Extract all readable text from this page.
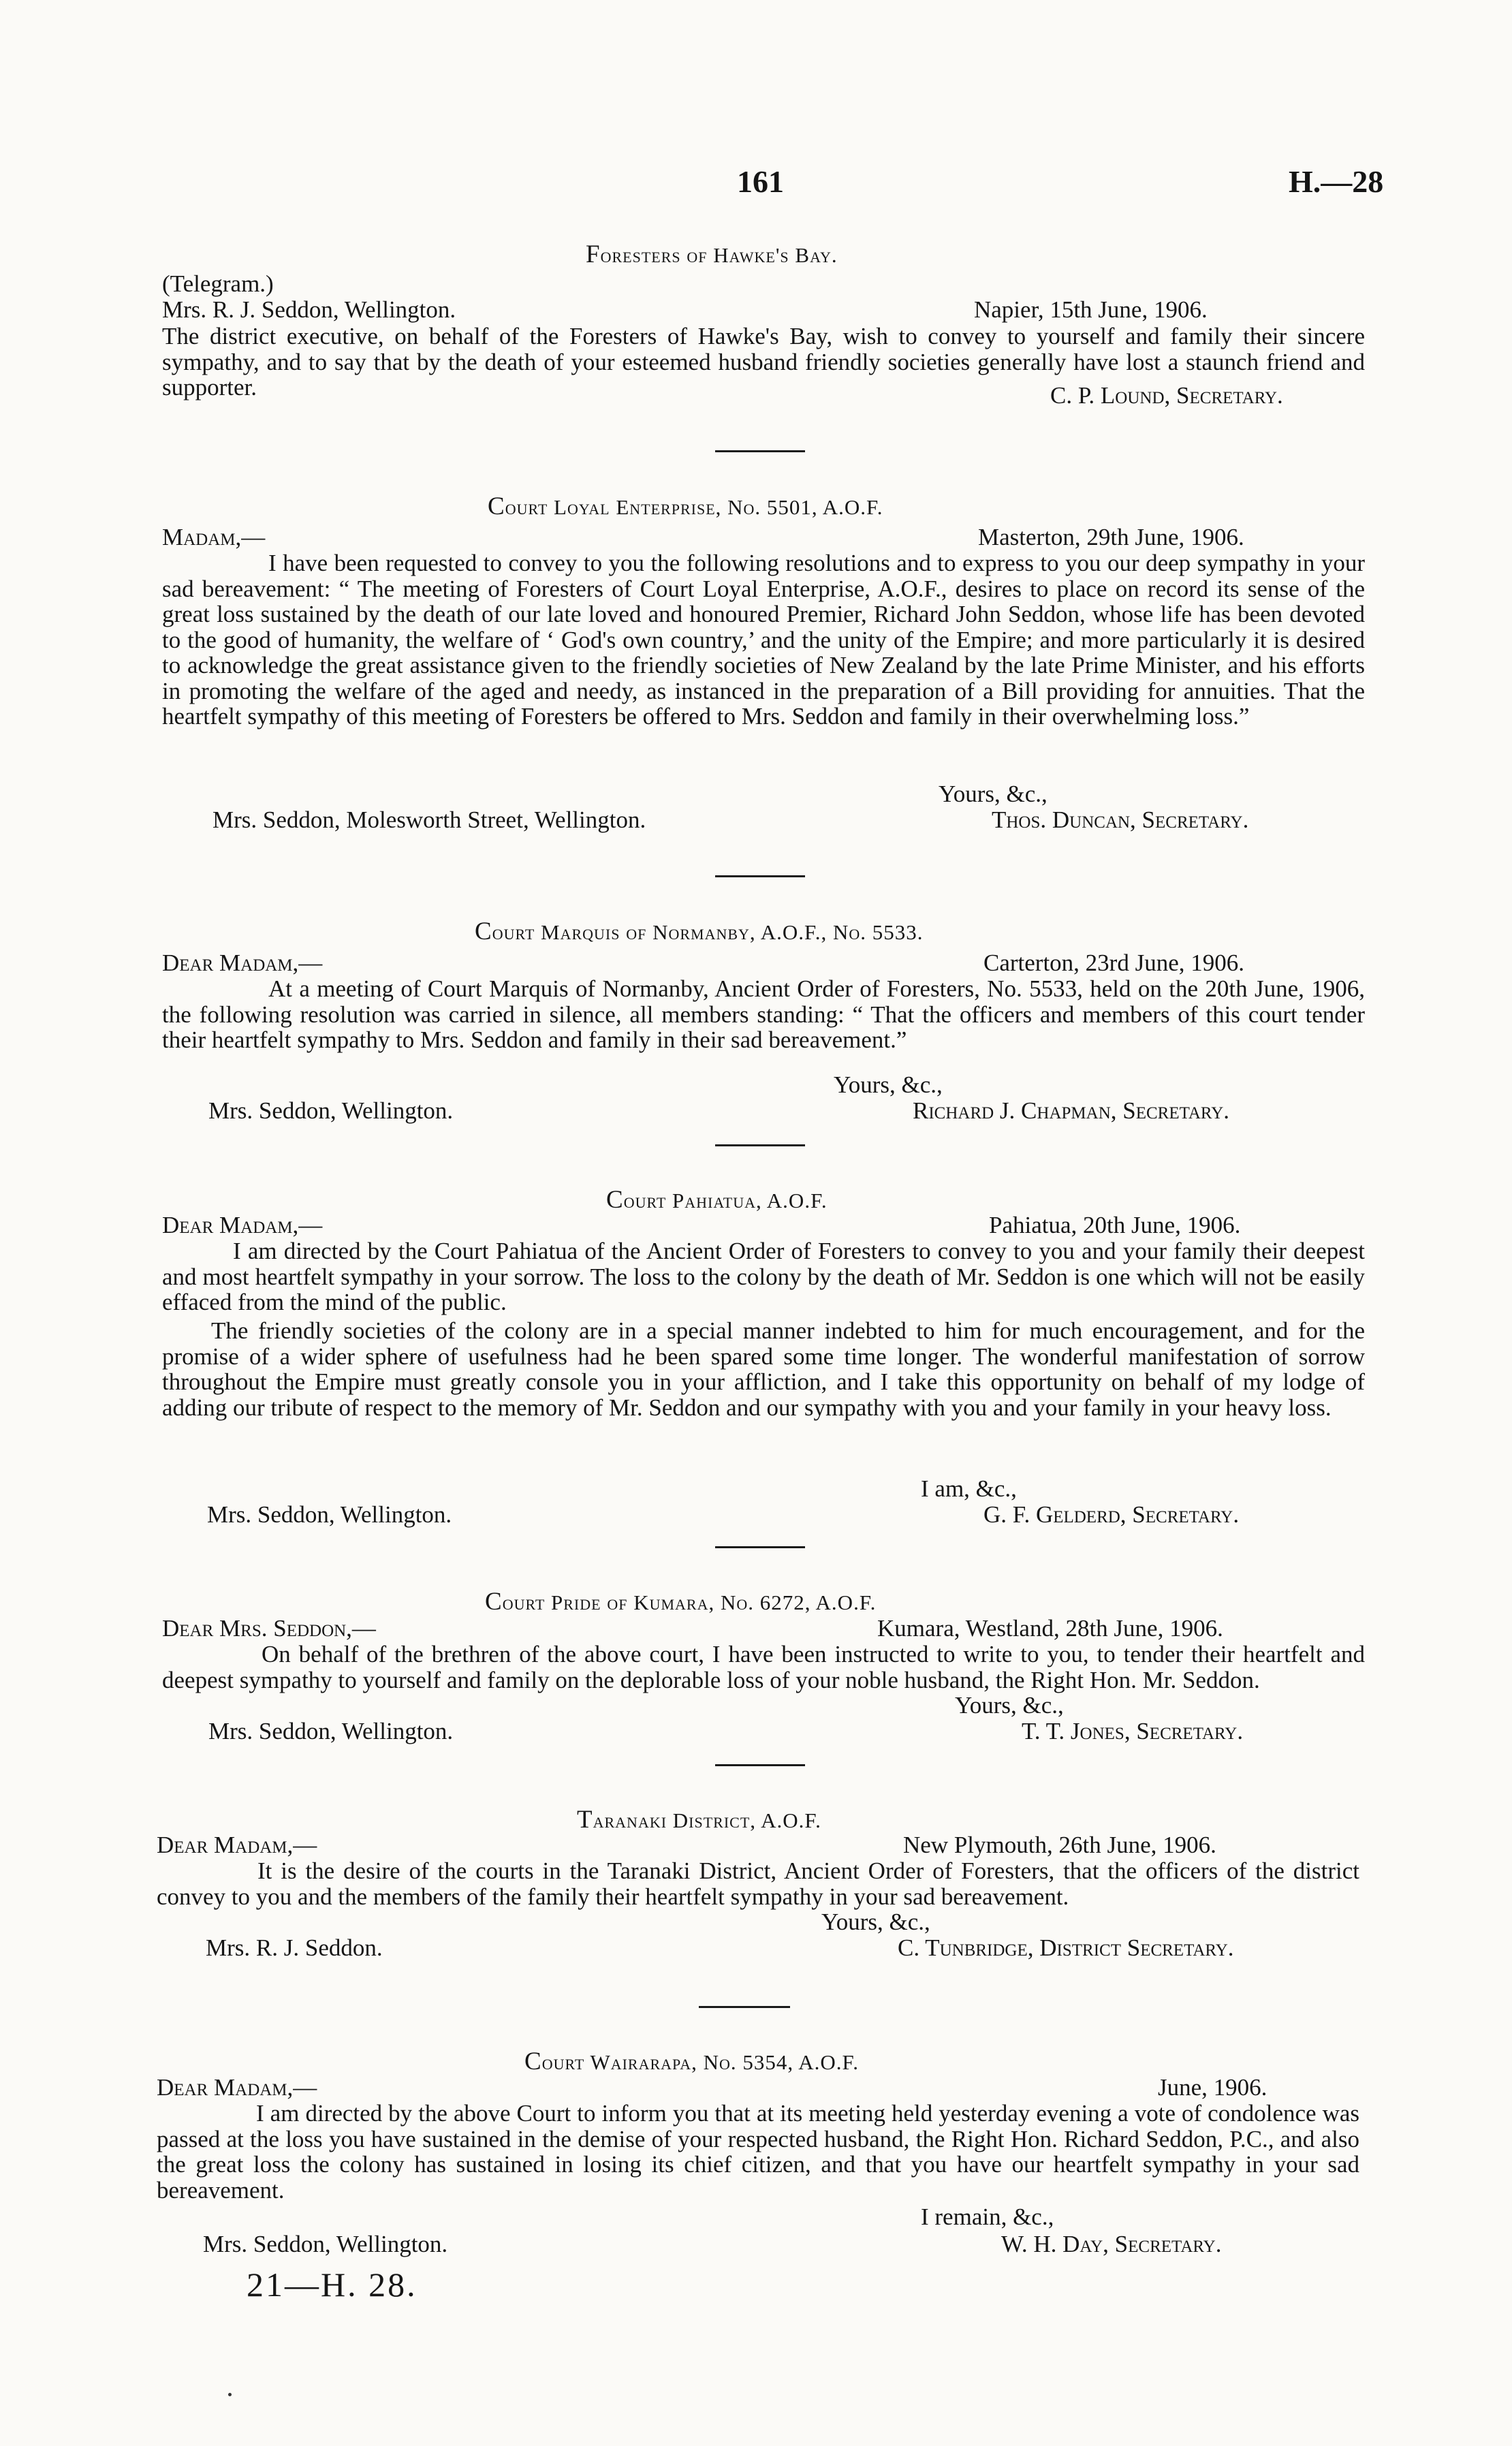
161	H.—28
Foresters of Hawke's Bay.
(Telegram.)
Mrs. R. J. Seddon, Wellington.	Napier, 15th June, 1906.
The district executive, on behalf of the Foresters of Hawke's Bay, wish to convey to yourself and family their sincere sympathy, and to say that by the death of your esteemed husband friendly societies generally have lost a staunch friend and supporter.	C. P. Lound, Secretary.
Court Loyal Enterprise, No. 5501, A.O.F.
Madam,—	Masterton, 29th June, 1906.
I have been requested to convey to you the following resolutions and to express to you our deep sympathy in your sad bereavement: “ The meeting of Foresters of Court Loyal Enterprise, A.O.F., desires to place on record its sense of the great loss sustained by the death of our late loved and honoured Premier, Richard John Seddon, whose life has been devoted to the good of humanity, the welfare of ‘ God's own country,’ and the unity of the Empire; and more particularly it is desired to acknowledge the great assistance given to the friendly societies of New Zealand by the late Prime Minister, and his efforts in promoting the welfare of the aged and needy, as instanced in the preparation of a Bill providing for annuities. That the heartfelt sympathy of this meeting of Foresters be offered to Mrs. Seddon and family in their overwhelming loss.”
Yours, &c.,
Mrs. Seddon, Molesworth Street, Wellington.	Thos. Duncan, Secretary.
Court Marquis of Normanby, A.O.F., No. 5533.
Dear Madam,—	Carterton, 23rd June, 1906.
At a meeting of Court Marquis of Normanby, Ancient Order of Foresters, No. 5533, held on the 20th June, 1906, the following resolution was carried in silence, all members standing: “ That the officers and members of this court tender their heartfelt sympathy to Mrs. Seddon and family in their sad bereavement.”
Yours, &c.,
Mrs. Seddon, Wellington.	Richard J. Chapman, Secretary.
Court Pahiatua, A.O.F.
Dear Madam,—	Pahiatua, 20th June, 1906.
I am directed by the Court Pahiatua of the Ancient Order of Foresters to convey to you and your family their deepest and most heartfelt sympathy in your sorrow. The loss to the colony by the death of Mr. Seddon is one which will not be easily effaced from the mind of the public.
The friendly societies of the colony are in a special manner indebted to him for much encouragement, and for the promise of a wider sphere of usefulness had he been spared some time longer. The wonderful manifestation of sorrow throughout the Empire must greatly console you in your affliction, and I take this opportunity on behalf of my lodge of adding our tribute of respect to the memory of Mr. Seddon and our sympathy with you and your family in your heavy loss.
I am, &c.,
Mrs. Seddon, Wellington.	G. F. Gelderd, Secretary.
Court Pride of Kumara, No. 6272, A.O.F.
Dear Mrs. Seddon,—	Kumara, Westland, 28th June, 1906.
On behalf of the brethren of the above court, I have been instructed to write to you, to tender their heartfelt and deepest sympathy to yourself and family on the deplorable loss of your noble husband, the Right Hon. Mr. Seddon.
Yours, &c.,
Mrs. Seddon, Wellington.	T. T. Jones, Secretary.
Taranaki District, A.O.F.
Dear Madam,—	New Plymouth, 26th June, 1906.
It is the desire of the courts in the Taranaki District, Ancient Order of Foresters, that the officers of the district convey to you and the members of the family their heartfelt sympathy in your sad bereavement.
Yours, &c.,
Mrs. R. J. Seddon.	C. Tunbridge, District Secretary.
Court Wairarapa, No. 5354, A.O.F.
Dear Madam,—	June, 1906.
I am directed by the above Court to inform you that at its meeting held yesterday evening a vote of condolence was passed at the loss you have sustained in the demise of your respected husband, the Right Hon. Richard Seddon, P.C., and also the great loss the colony has sustained in losing its chief citizen, and that you have our heartfelt sympathy in your sad bereavement.
I remain, &c.,
Mrs. Seddon, Wellington.	W. H. Day, Secretary.
21—H. 28.
